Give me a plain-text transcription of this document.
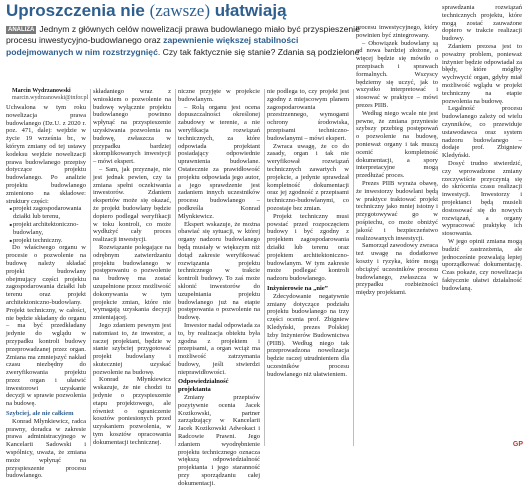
Uproszczenia nie (zawsze) ułatwiają
ANALIZA Jednym z głównych celów nowelizacji prawa budowlanego miało być przyspieszenie procesu inwestycyjno-budowlanego oraz zapewnienie większej stabilności podejmowanych w nim rozstrzygnięć. Czy tak faktycznie się stanie? Zdania są podzielone

Marcin Wydrzanowski

marcin.wydrzanowski@infor.pl

Uchwalona w tym roku nowelizacja prawa budowlanego (Dz.U. z 2020 r. poz. 471, dalej: wejdzie w życie 19 września br., w którym zmiany od tej ustawy kodeksu wejdzie nowelizacji prawa budowlanego przepisy dotyczące projektu budowlanego. Po analizie projektu budowlanego zmieniono na składowe: struktury części:

• projekt zagospodarowania działki lub terenu,
• projekt architektoniczno-budowlany,
• projekt techniczny.

Do właściwego organu w procesie o pozwolenie na budowę należy składać projekt budowlany obejmujący części projektu zagospodarowania działki lub terenu oraz projekt architektoniczno-budowlany. Projekt techniczny, w całości, nie będzie składany do organu – ma być przedkładany jedynie do wglądu w przypadku kontroli budowy przeprowadzanej przez organ. Zmiana ma zmniejszyć nakład czasu niezbędny do zweryfikowania projektu przez organ i ułatwić inwestorowi uzyskanie decyzji w sprawie pozwolenia na budowę.

Szybciej, ale nie całkiem

Konrad Młynkiewicz, radca prawny, doradca w zakresie prawa administracyjnego w Kancelarii Sadowski i wspólnicy, uważa, że zmiana może wpłynąć na przyspieszenie procesu budowlanego.

składaniego wraz z wnioskiem o pozwolenie na budowę wyłącznie projektu budowlanego powinno wpłynąć na przyspieszenie uzyskiwania pozwolenia na budowę, zwłaszcza w przypadku bardziej skomplikowanych inwestycji – mówi ekspert.

– Sam, jak przyznaje, nie jest jednak pewien, czy ta zmiana spełni oczekiwania inwestorów. Zdaniem ekspertów może się okazać, że projekt budowlany będzie dopiero podlegał weryfikacji w toku kontroli, co może wydłużyć cały proces realizacji inwestycji.

Rozwiązanie polegające na odrębnym zatwierdzaniu projektu budowlanego w postępowaniu o pozwolenie na budowę ma zostać uzupełnione przez możliwość dokonywania w tym projekcie zmian, które nie wymagają uzyskania decyzji zmieniającej.

Jego zdaniem pewnym jest natomiast to, że inwestor, a raczej projektant, będzie w stanie szybciej przygotować projekt budowlany i skuteczniej uzyskać pozwolenie na budowę.

Konrad Młynkiewicz wskazuje, że nie chodzi tu jedynie o przyspieszenie etapu projektowego, ale również o ograniczenie kosztów poniesionych przed uzyskaniem pozwolenia, w tym kosztów opracowania dokumentacji technicznej.

niczne przyjęte w projekcie budowlanym.

– Rolą organu jest ocena dopuszczalności określonej zabudowy w terenie, a nie weryfikacja rozwiązań technicznych, za które odpowiada projektant posiadający odpowiednie uprawnienia budowlane. Ostatecznie za prawidłowość projektu odpowiada jego autor, a jego sprawdzenie jest zadaniem innych uczestników procesu budowlanego – podkreśla Konrad Młynkiewicz.

Ekspert wskazuje, że można obawiać się sytuacji, w której organy nadzoru budowlanego będą musiały w większym niż dotąd zakresie weryfikować rozwiązania projektu technicznego w trakcie kontroli budowy. To zaś może skłonić inwestorów do uzupełniania projektu budowlanego już na etapie postępowania o pozwolenie na budowę.

Inwestor nadal odpowiada za to, by realizacja obiektu była zgodna z projektem i przepisami, a organ wciąż ma możliwość zatrzymania budowy, jeśli stwierdzi nieprawidłowości.

Odpowiedzialność projektanta

Zmiany przepisów pozytywnie ocenia Jacek Kozikowski, partner zarządzający w Kancelarii Jacek Kozikowski Adwokaci i Radcowie Prawni. Jego zdaniem wyodrębnienie projektu technicznego oznacza większą odpowiedzialność projektanta i jego staranność przy sporządzaniu całej dokumentacji.

nie podlega to, czy projekt jest zgodny z miejscowym planem zagospodarowania przestrzennego, wymogami ochrony środowiska, przepisami techniczno-budowlanymi – mówi ekspert.

Zwraca uwagę, że co do zasady, organ i tak nie weryfikował rozwiązań technicznych zawartych w projekcie, a jedynie sprawdzał kompletność dokumentacji oraz jej zgodność z przepisami techniczno-budowlanymi, co pozostaje bez zmian.

Projekt techniczny musi powstać przed rozpoczęciem budowy i być zgodny z projektem zagospodarowania działki lub terenu oraz projektem architektoniczno-budowlanym. W tym zakresie może podlegać kontroli nadzoru budowlanego.

Inżynierowie na „nie”

Zdecydowanie negatywnie zmiany dotyczące podziału projektu budowlanego na trzy części ocenia prof. Zbigniew Kledyński, prezes Polskiej Izby Inżynierów Budownictwa (PIIB). Według niego tak przeprowadzona nowelizacja będzie raczej utrudnieniem dla uczestników procesu budowlanego niż ułatwieniem.

procesu inwestycyjnego, który powinien być zintegrowany.

– Obowiązek budowlany są od nowa bardziej złożone, a więcej będzie się mówiło o przepisach i sprawach formalnych. Wszyscy będziemy się uczyć, jak to wszystko interpretować i stosować w praktyce – mówi prezes PIIB.

Według niego wcale nie jest pewne, że zmiana przyniesie szybszy przebieg postępowań o pozwolenie na budowę, ponieważ organy i tak muszą ocenić kompletność dokumentacji, a spory interpretacyjne mogą przedłużać proces.

Prezes PIIB wyraża obawę, że inwestorzy budowlani będą w praktyce traktować projekt techniczny jako mniej istotny i przygotowywać go w pośpiechu, co może obniżyć jakość i bezpieczeństwo realizowanych inwestycji.

Samorząd zawodowy zwraca też uwagę na dodatkowe koszty i ryzyka, które mogą obciążyć uczestników procesu budowlanego, zwłaszcza w przypadku rozbieżności między projektami.

sprawdzania rozwiązań technicznych projektu, które mogą zostać zauważone dopiero w trakcie realizacji budowy.

Zdaniem prezesa jest to poważny problem, ponieważ inżynier będzie odpowiadał za błędy, które mógłby wychwycić organ, gdyby miał możliwość wglądu w projekt techniczny na etapie pozwolenia na budowę.

Legalność procesu budowlanego zależy od wielu czynników, co przewiduje ustawodawca oraz system nadzoru budowlanego – dodaje prof. Zbigniew Kledyński.

Dosyć trudno stwierdzić, czy wprowadzone zmiany rzeczywiście przyczynią się do skrócenia czasu realizacji inwestycji. Inwestorzy i projektanci będą musieli dostosować się do nowych rozwiązań, a organy wypracować praktykę ich stosowania.

W jego opinii zmiana mogą budzić zastrzeżenia, ale jednocześnie pozwalają lepiej uporządkować dokumentację. Czas pokaże, czy nowelizacja faktycznie ułatwi działalność budowlaną.

GP
